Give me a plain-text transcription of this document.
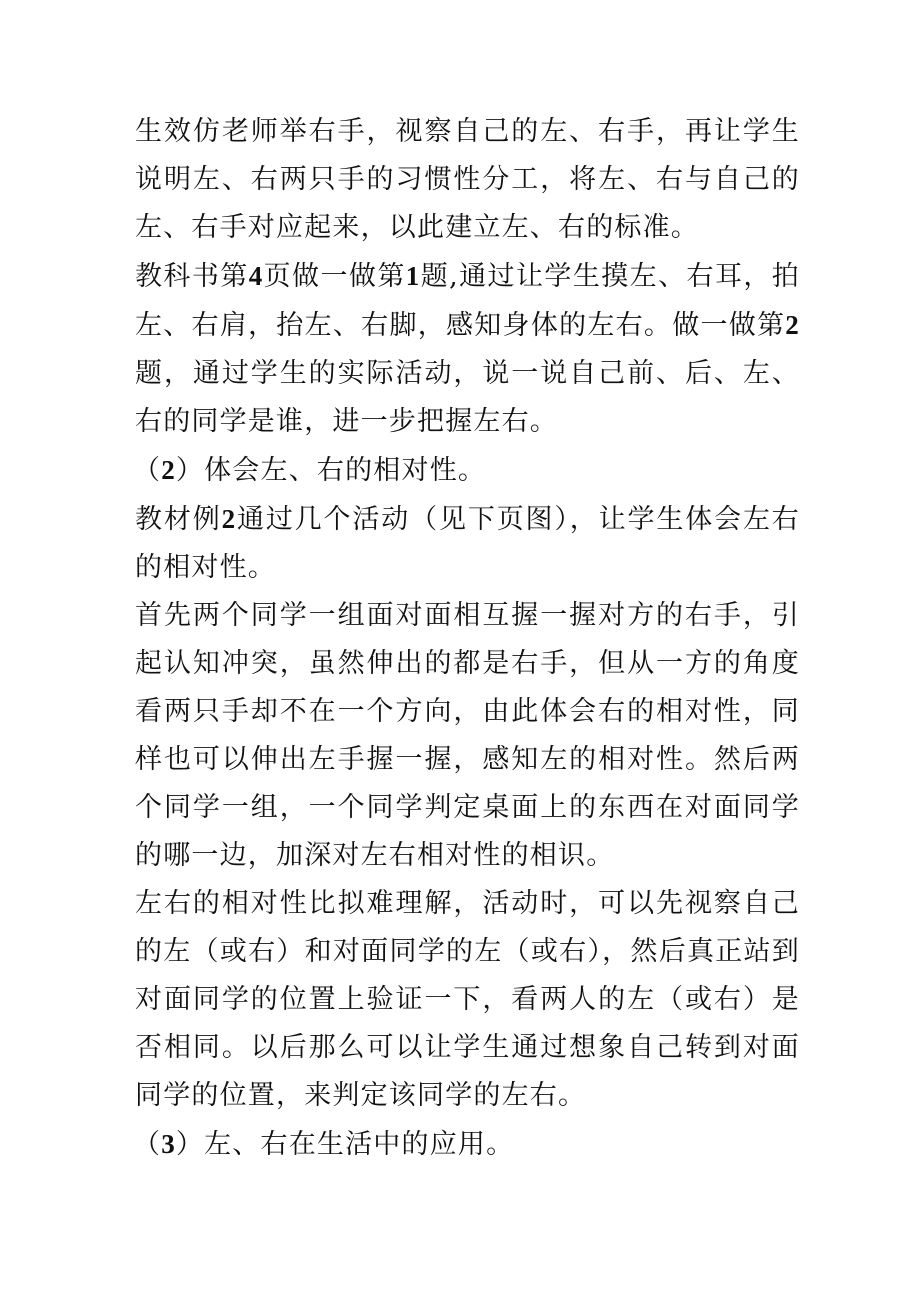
生效仿老师举右手，视察自己的左、右手，再让学生说明左、右两只手的习惯性分工，将左、右与自己的左、右手对应起来，以此建立左、右的标准。

教科书第4页做一做第1题,通过让学生摸左、右耳，拍左、右肩，抬左、右脚，感知身体的左右。做一做第2题，通过学生的实际活动，说一说自己前、后、左、右的同学是谁，进一步把握左右。

（2）体会左、右的相对性。

教材例2通过几个活动（见下页图），让学生体会左右的相对性。

首先两个同学一组面对面相互握一握对方的右手，引起认知冲突，虽然伸出的都是右手，但从一方的角度看两只手却不在一个方向，由此体会右的相对性，同样也可以伸出左手握一握，感知左的相对性。然后两个同学一组，一个同学判定桌面上的东西在对面同学的哪一边，加深对左右相对性的相识。

左右的相对性比拟难理解，活动时，可以先视察自己的左（或右）和对面同学的左（或右），然后真正站到对面同学的位置上验证一下，看两人的左（或右）是否相同。以后那么可以让学生通过想象自己转到对面同学的位置，来判定该同学的左右。

（3）左、右在生活中的应用。
